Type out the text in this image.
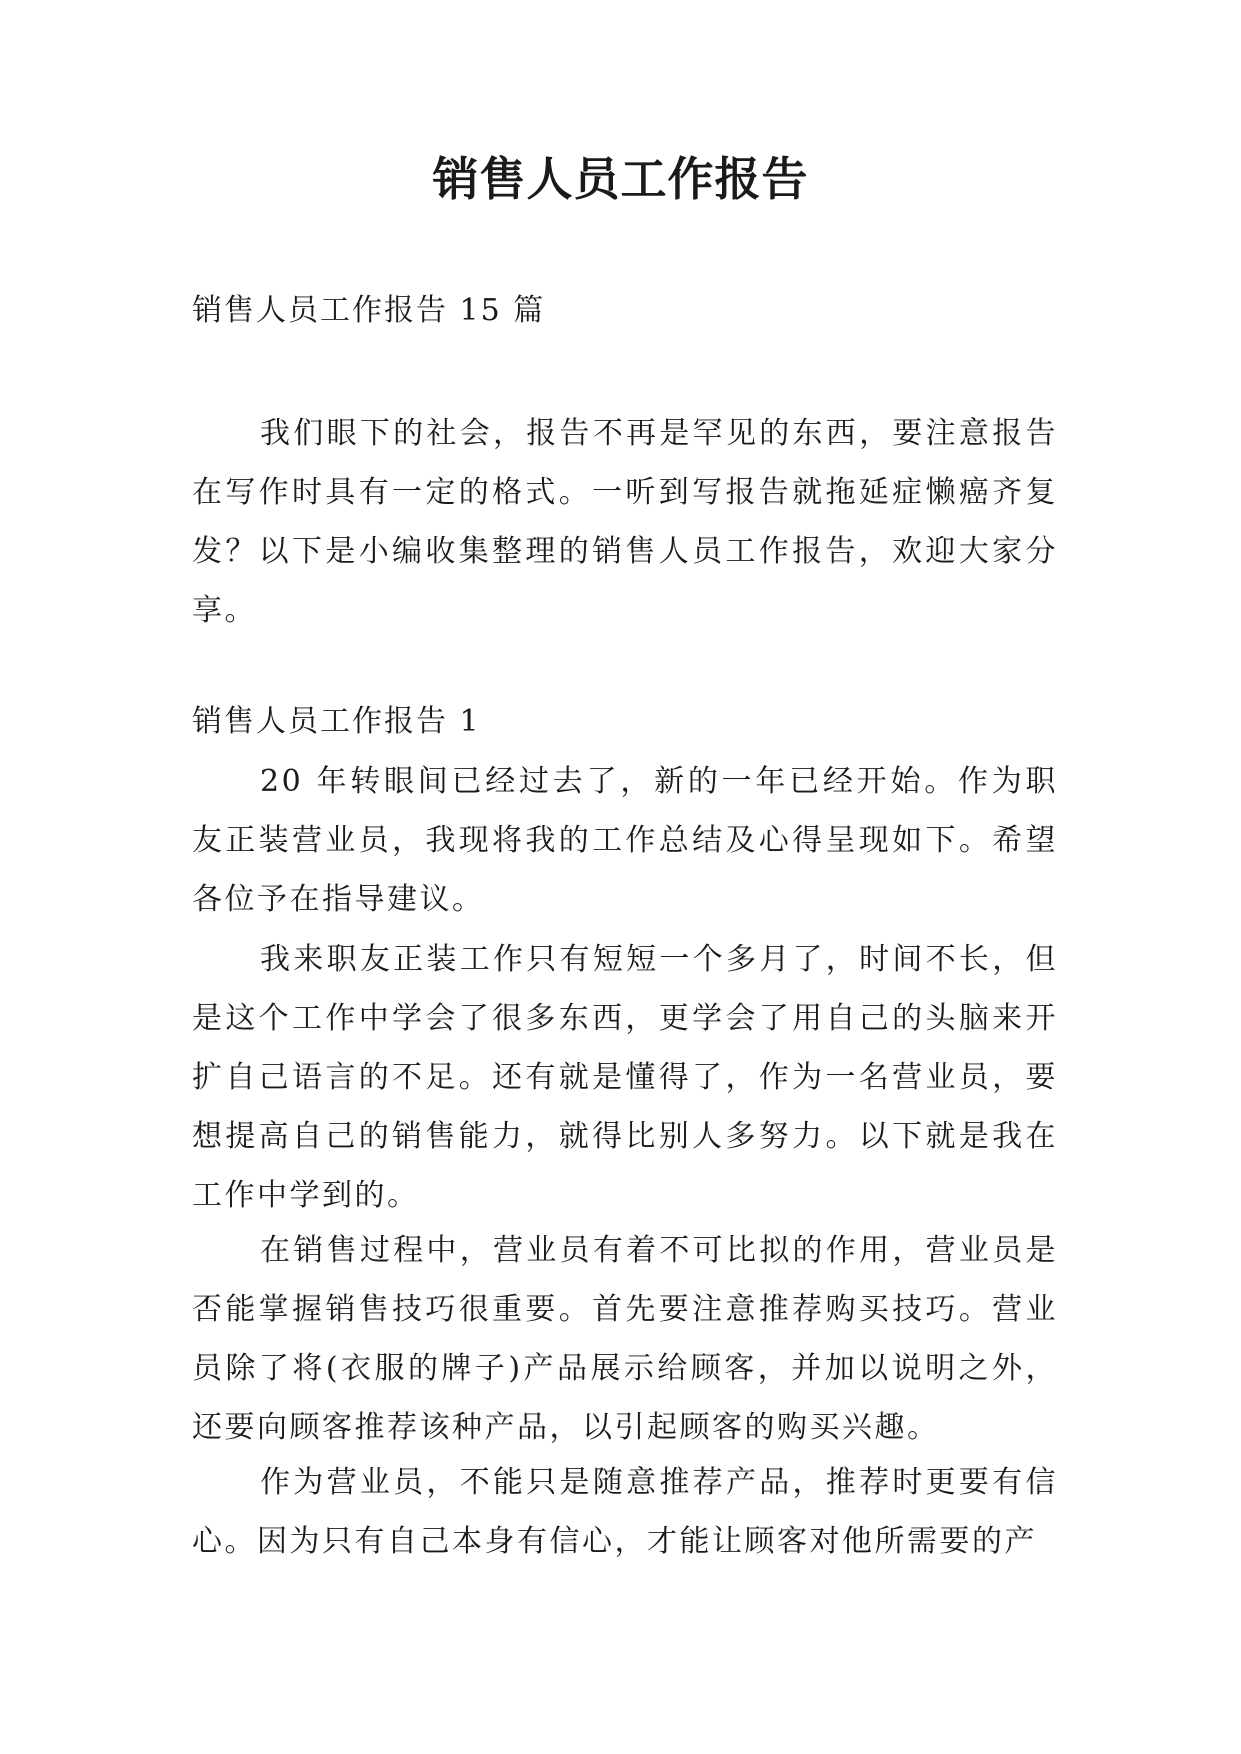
销售人员工作报告

销售人员工作报告 15 篇

我们眼下的社会，报告不再是罕见的东西，要注意报告在写作时具有一定的格式。一听到写报告就拖延症懒癌齐复发？以下是小编收集整理的销售人员工作报告，欢迎大家分享。

销售人员工作报告 1

20 年转眼间已经过去了，新的一年已经开始。作为职友正装营业员，我现将我的工作总结及心得呈现如下。希望各位予在指导建议。

我来职友正装工作只有短短一个多月了，时间不长，但是这个工作中学会了很多东西，更学会了用自己的头脑来开扩自己语言的不足。还有就是懂得了，作为一名营业员，要想提高自己的销售能力，就得比别人多努力。以下就是我在工作中学到的。

在销售过程中，营业员有着不可比拟的作用，营业员是否能掌握销售技巧很重要。首先要注意推荐购买技巧。营业员除了将(衣服的牌子)产品展示给顾客，并加以说明之外，还要向顾客推荐该种产品，以引起顾客的购买兴趣。

作为营业员，不能只是随意推荐产品，推荐时更要有信心。因为只有自己本身有信心，才能让顾客对他所需要的产
